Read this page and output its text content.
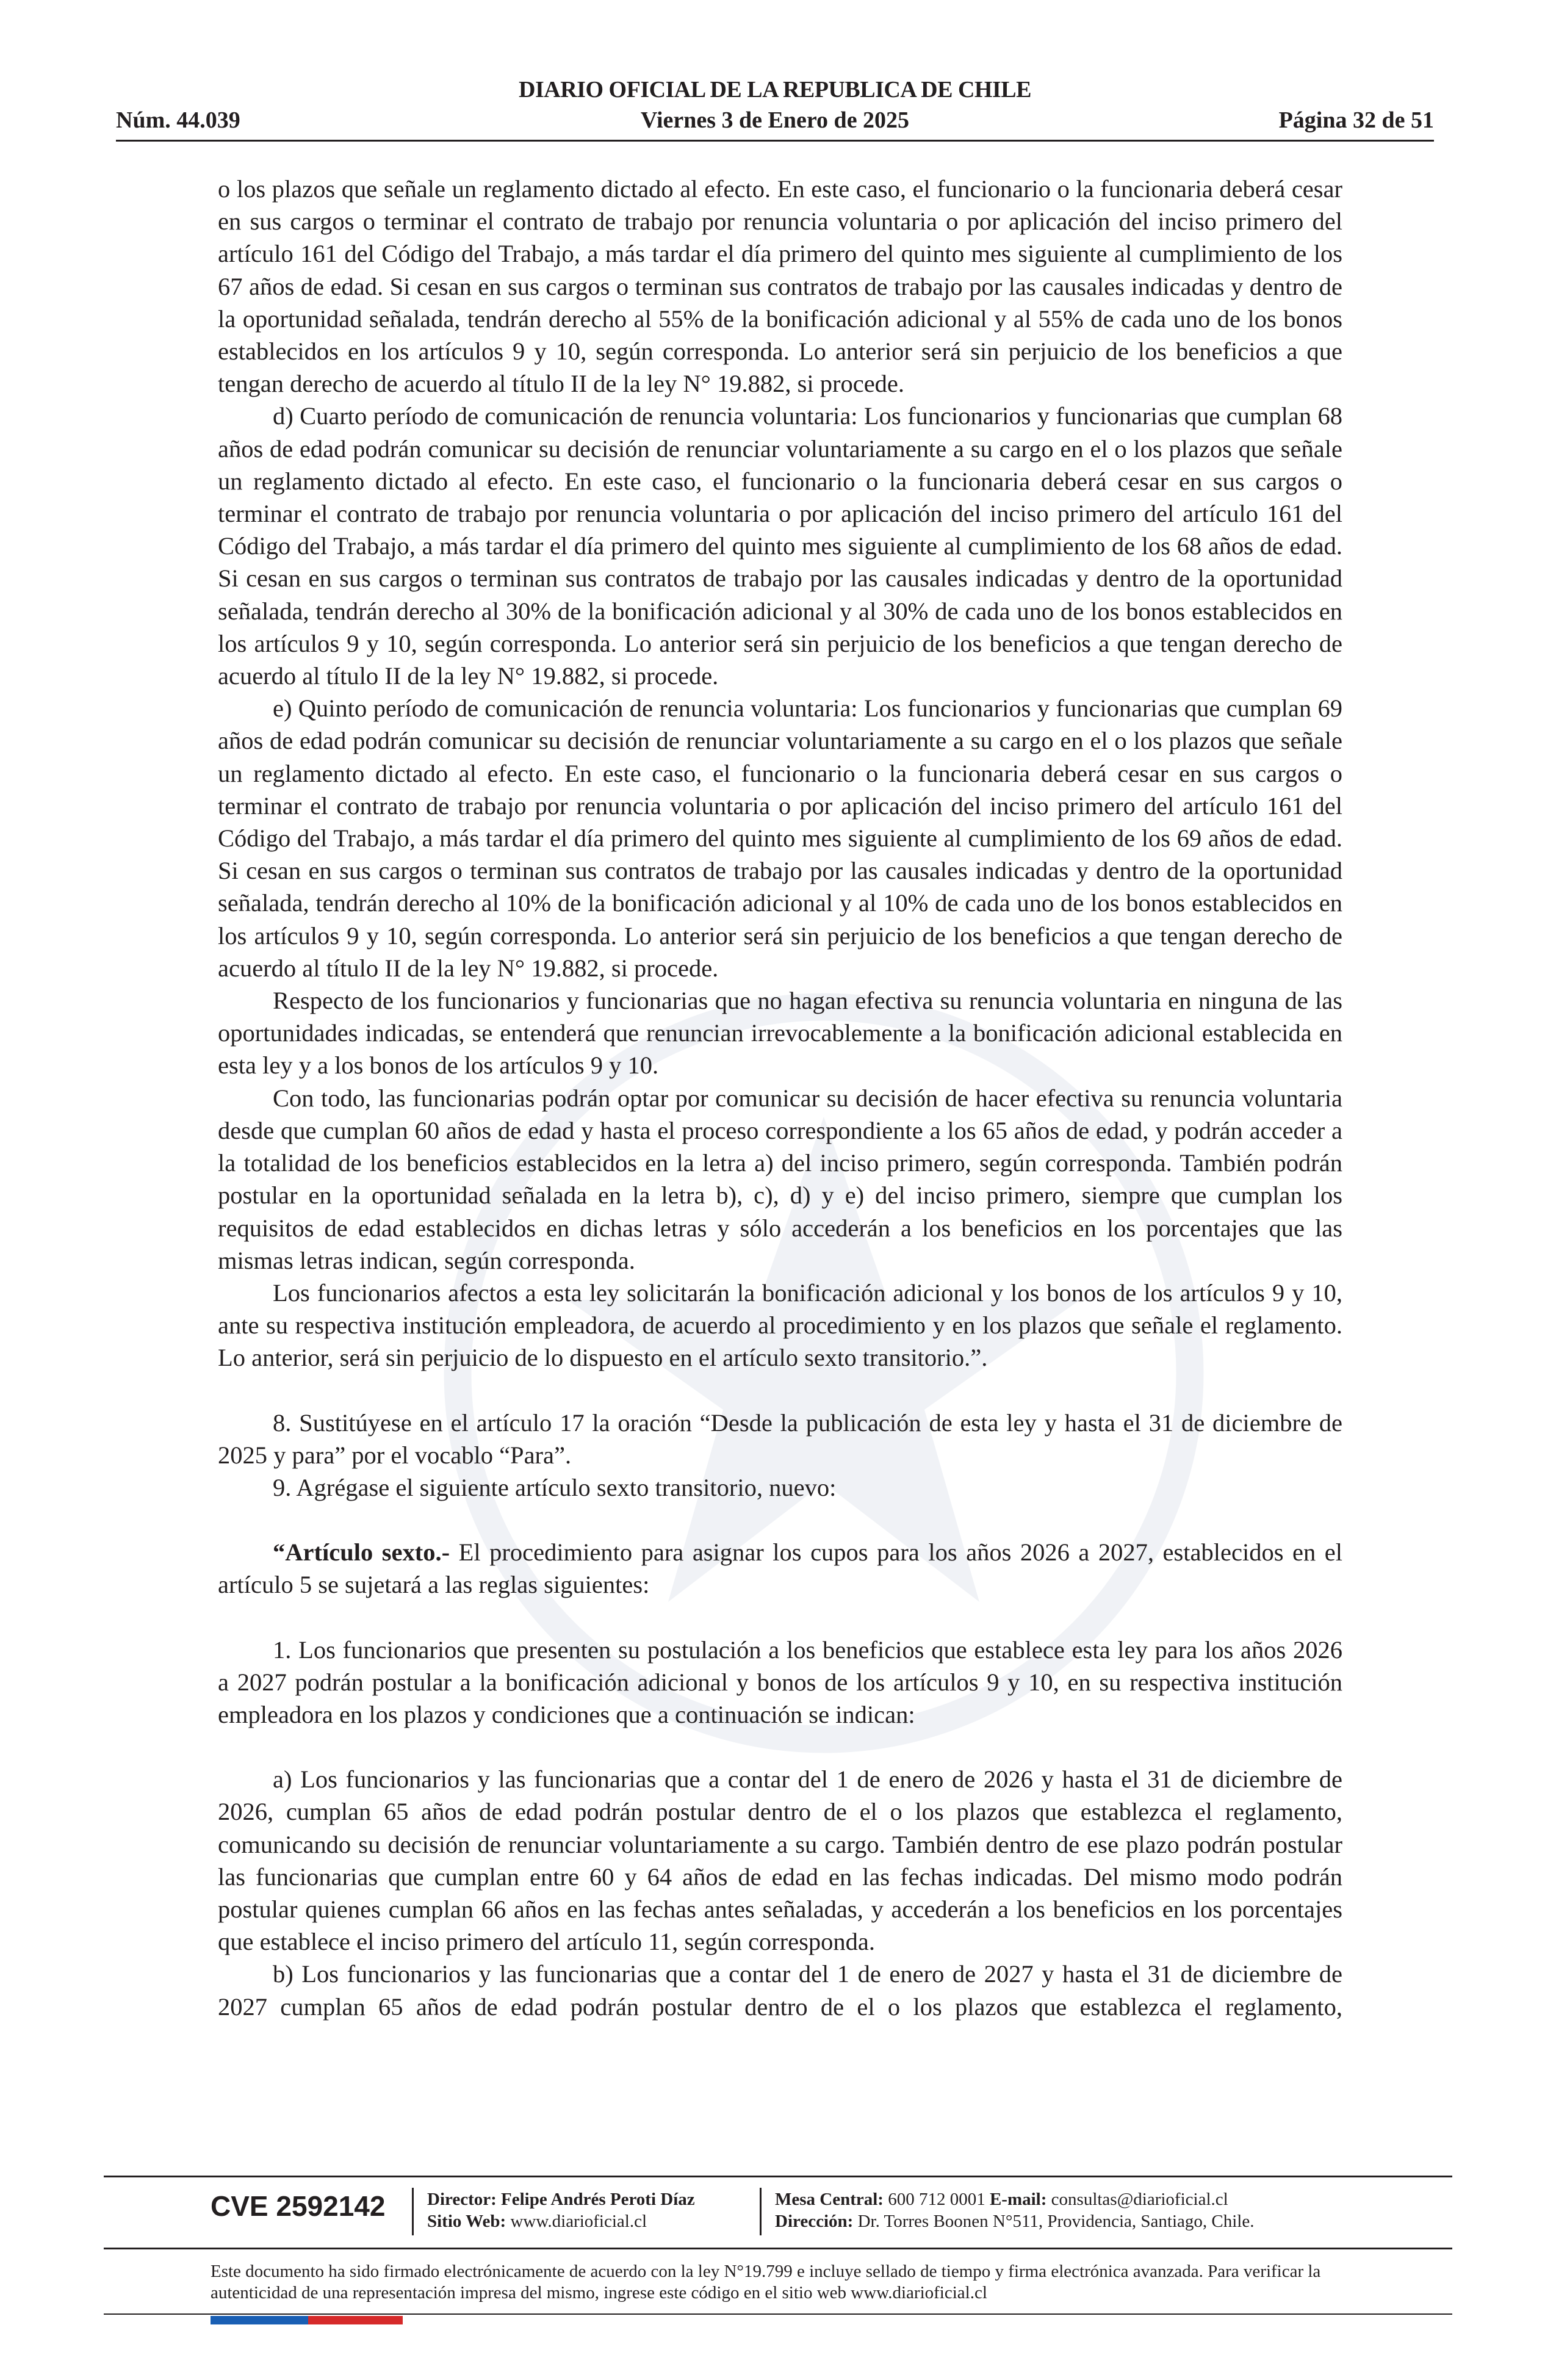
DIARIO OFICIAL DE LA REPUBLICA DE CHILE
Núm. 44.039	Viernes 3 de Enero de 2025	Página 32 de 51

o los plazos que señale un reglamento dictado al efecto. En este caso, el funcionario o la funcionaria deberá cesar en sus cargos o terminar el contrato de trabajo por renuncia voluntaria o por aplicación del inciso primero del artículo 161 del Código del Trabajo, a más tardar el día primero del quinto mes siguiente al cumplimiento de los 67 años de edad. Si cesan en sus cargos o terminan sus contratos de trabajo por las causales indicadas y dentro de la oportunidad señalada, tendrán derecho al 55% de la bonificación adicional y al 55% de cada uno de los bonos establecidos en los artículos 9 y 10, según corresponda. Lo anterior será sin perjuicio de los beneficios a que tengan derecho de acuerdo al título II de la ley N° 19.882, si procede.

d) Cuarto período de comunicación de renuncia voluntaria: Los funcionarios y funcionarias que cumplan 68 años de edad podrán comunicar su decisión de renunciar voluntariamente a su cargo en el o los plazos que señale un reglamento dictado al efecto. En este caso, el funcionario o la funcionaria deberá cesar en sus cargos o terminar el contrato de trabajo por renuncia voluntaria o por aplicación del inciso primero del artículo 161 del Código del Trabajo, a más tardar el día primero del quinto mes siguiente al cumplimiento de los 68 años de edad. Si cesan en sus cargos o terminan sus contratos de trabajo por las causales indicadas y dentro de la oportunidad señalada, tendrán derecho al 30% de la bonificación adicional y al 30% de cada uno de los bonos establecidos en los artículos 9 y 10, según corresponda. Lo anterior será sin perjuicio de los beneficios a que tengan derecho de acuerdo al título II de la ley N° 19.882, si procede.

e) Quinto período de comunicación de renuncia voluntaria: Los funcionarios y funcionarias que cumplan 69 años de edad podrán comunicar su decisión de renunciar voluntariamente a su cargo en el o los plazos que señale un reglamento dictado al efecto. En este caso, el funcionario o la funcionaria deberá cesar en sus cargos o terminar el contrato de trabajo por renuncia voluntaria o por aplicación del inciso primero del artículo 161 del Código del Trabajo, a más tardar el día primero del quinto mes siguiente al cumplimiento de los 69 años de edad. Si cesan en sus cargos o terminan sus contratos de trabajo por las causales indicadas y dentro de la oportunidad señalada, tendrán derecho al 10% de la bonificación adicional y al 10% de cada uno de los bonos establecidos en los artículos 9 y 10, según corresponda. Lo anterior será sin perjuicio de los beneficios a que tengan derecho de acuerdo al título II de la ley N° 19.882, si procede.

Respecto de los funcionarios y funcionarias que no hagan efectiva su renuncia voluntaria en ninguna de las oportunidades indicadas, se entenderá que renuncian irrevocablemente a la bonificación adicional establecida en esta ley y a los bonos de los artículos 9 y 10.

Con todo, las funcionarias podrán optar por comunicar su decisión de hacer efectiva su renuncia voluntaria desde que cumplan 60 años de edad y hasta el proceso correspondiente a los 65 años de edad, y podrán acceder a la totalidad de los beneficios establecidos en la letra a) del inciso primero, según corresponda. También podrán postular en la oportunidad señalada en la letra b), c), d) y e) del inciso primero, siempre que cumplan los requisitos de edad establecidos en dichas letras y sólo accederán a los beneficios en los porcentajes que las mismas letras indican, según corresponda.

Los funcionarios afectos a esta ley solicitarán la bonificación adicional y los bonos de los artículos 9 y 10, ante su respectiva institución empleadora, de acuerdo al procedimiento y en los plazos que señale el reglamento. Lo anterior, será sin perjuicio de lo dispuesto en el artículo sexto transitorio.”.

8. Sustitúyese en el artículo 17 la oración “Desde la publicación de esta ley y hasta el 31 de diciembre de 2025 y para” por el vocablo “Para”.

9. Agrégase el siguiente artículo sexto transitorio, nuevo:

“Artículo sexto.- El procedimiento para asignar los cupos para los años 2026 a 2027, establecidos en el artículo 5 se sujetará a las reglas siguientes:

1. Los funcionarios que presenten su postulación a los beneficios que establece esta ley para los años 2026 a 2027 podrán postular a la bonificación adicional y bonos de los artículos 9 y 10, en su respectiva institución empleadora en los plazos y condiciones que a continuación se indican:

a) Los funcionarios y las funcionarias que a contar del 1 de enero de 2026 y hasta el 31 de diciembre de 2026, cumplan 65 años de edad podrán postular dentro de el o los plazos que establezca el reglamento, comunicando su decisión de renunciar voluntariamente a su cargo. También dentro de ese plazo podrán postular las funcionarias que cumplan entre 60 y 64 años de edad en las fechas indicadas. Del mismo modo podrán postular quienes cumplan 66 años en las fechas antes señaladas, y accederán a los beneficios en los porcentajes que establece el inciso primero del artículo 11, según corresponda.

b) Los funcionarios y las funcionarias que a contar del 1 de enero de 2027 y hasta el 31 de diciembre de 2027 cumplan 65 años de edad podrán postular dentro de el o los plazos que establezca el reglamento,

CVE 2592142 Director: Felipe Andrés Peroti Díaz
Sitio Web: www.diarioficial.cl
Mesa Central: 600 712 0001 E-mail: consultas@diarioficial.cl
Dirección: Dr. Torres Boonen N°511, Providencia, Santiago, Chile.
Este documento ha sido firmado electrónicamente de acuerdo con la ley N°19.799 e incluye sellado de tiempo y firma electrónica avanzada. Para verificar la autenticidad de una representación impresa del mismo, ingrese este código en el sitio web www.diarioficial.cl
